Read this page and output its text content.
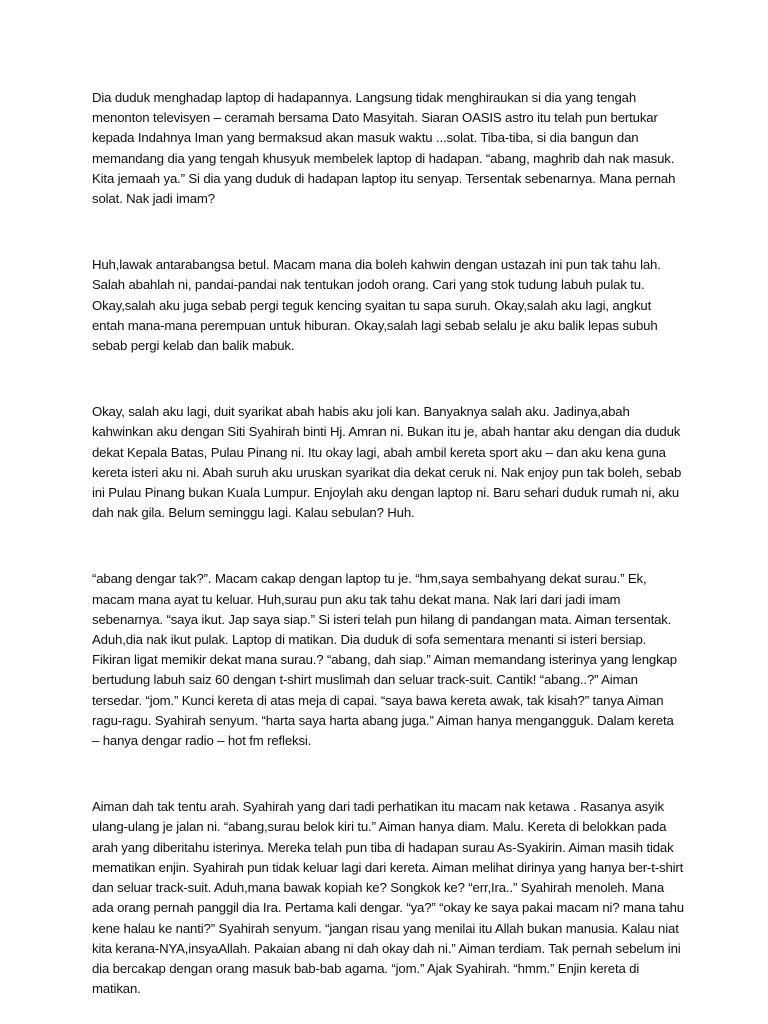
Dia duduk menghadap laptop di hadapannya. Langsung tidak menghiraukan si dia yang tengah menonton televisyen – ceramah bersama Dato Masyitah. Siaran OASIS astro itu telah pun bertukar kepada Indahnya Iman yang bermaksud akan masuk waktu ...solat. Tiba-tiba, si dia bangun dan memandang dia yang tengah khusyuk membelek laptop di hadapan. “abang, maghrib dah nak masuk. Kita jemaah ya.” Si dia yang duduk di hadapan laptop itu senyap. Tersentak sebenarnya. Mana pernah solat. Nak jadi imam?

Huh,lawak antarabangsa betul. Macam mana dia boleh kahwin dengan ustazah ini pun tak tahu lah. Salah abahlah ni, pandai-pandai nak tentukan jodoh orang. Cari yang stok tudung labuh pulak tu. Okay,salah aku juga sebab pergi teguk kencing syaitan tu sapa suruh. Okay,salah aku lagi, angkut entah mana-mana perempuan untuk hiburan. Okay,salah lagi sebab selalu je aku balik lepas subuh sebab pergi kelab dan balik mabuk.

Okay, salah aku lagi, duit syarikat abah habis aku joli kan. Banyaknya salah aku. Jadinya,abah kahwinkan aku dengan Siti Syahirah binti Hj. Amran ni. Bukan itu je, abah hantar aku dengan dia duduk dekat Kepala Batas, Pulau Pinang ni. Itu okay lagi, abah ambil kereta sport aku – dan aku kena guna kereta isteri aku ni. Abah suruh aku uruskan syarikat dia dekat ceruk ni. Nak enjoy pun tak boleh, sebab ini Pulau Pinang bukan Kuala Lumpur. Enjoylah aku dengan laptop ni. Baru sehari duduk rumah ni, aku dah nak gila. Belum seminggu lagi. Kalau sebulan? Huh.

“abang dengar tak?”. Macam cakap dengan laptop tu je. “hm,saya sembahyang dekat surau.” Ek, macam mana ayat tu keluar. Huh,surau pun aku tak tahu dekat mana. Nak lari dari jadi imam sebenarnya. “saya ikut. Jap saya siap.” Si isteri telah pun hilang di pandangan mata. Aiman tersentak. Aduh,dia nak ikut pulak. Laptop di matikan. Dia duduk di sofa sementara menanti si isteri bersiap. Fikiran ligat memikir dekat mana surau.? “abang, dah siap.” Aiman memandang isterinya yang lengkap bertudung labuh saiz 60 dengan t-shirt muslimah dan seluar track-suit. Cantik! “abang..?” Aiman tersedar. “jom.” Kunci kereta di atas meja di capai. “saya bawa kereta awak, tak kisah?” tanya Aiman ragu-ragu. Syahirah senyum. “harta saya harta abang juga.” Aiman hanya mengangguk. Dalam kereta – hanya dengar radio – hot fm refleksi.

Aiman dah tak tentu arah. Syahirah yang dari tadi perhatikan itu macam nak ketawa . Rasanya asyik ulang-ulang je jalan ni. “abang,surau belok kiri tu.” Aiman hanya diam. Malu. Kereta di belokkan pada arah yang diberitahu isterinya. Mereka telah pun tiba di hadapan surau As-Syakirin. Aiman masih tidak mematikan enjin. Syahirah pun tidak keluar lagi dari kereta. Aiman melihat dirinya yang hanya ber-t-shirt dan seluar track-suit. Aduh,mana bawak kopiah ke? Songkok ke? “err,Ira..” Syahirah menoleh. Mana ada orang pernah panggil dia Ira. Pertama kali dengar. “ya?” “okay ke saya pakai macam ni? mana tahu kene halau ke nanti?” Syahirah senyum. “jangan risau yang menilai itu Allah bukan manusia. Kalau niat kita kerana-NYA,insyaAllah. Pakaian abang ni dah okay dah ni.” Aiman terdiam. Tak pernah sebelum ini dia bercakap dengan orang masuk bab-bab agama. “jom.” Ajak Syahirah. “hmm.” Enjin kereta di matikan.
